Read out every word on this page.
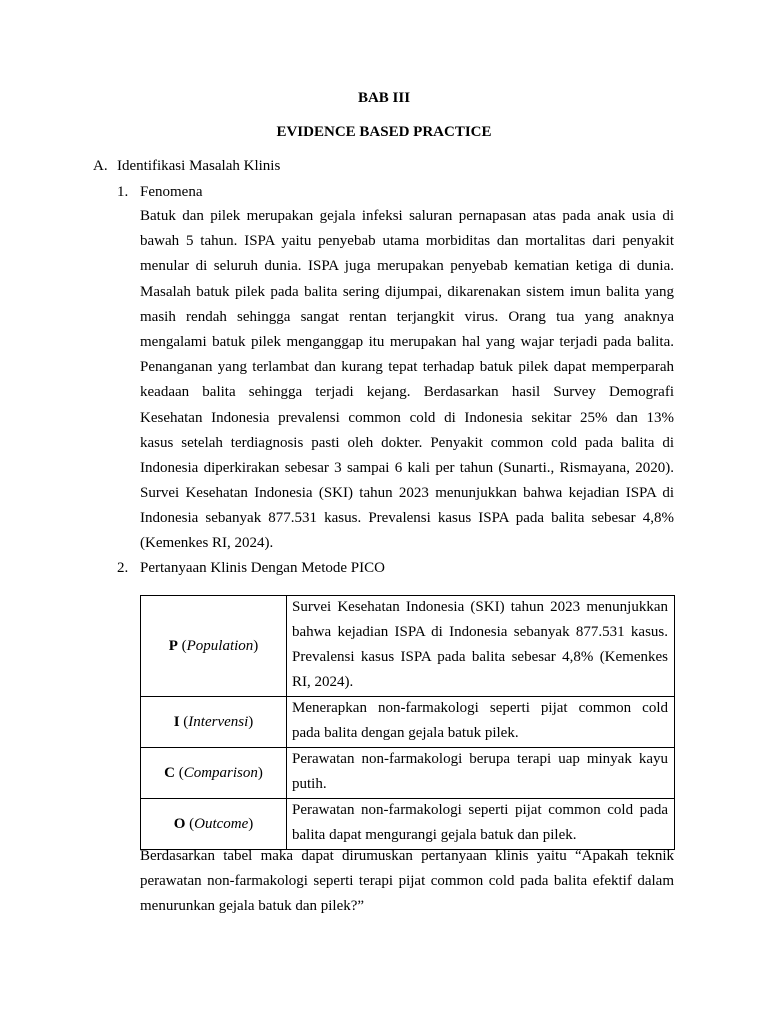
BAB III
EVIDENCE BASED PRACTICE
A. Identifikasi Masalah Klinis
1. Fenomena
Batuk dan pilek merupakan gejala infeksi saluran pernapasan atas pada anak usia di
bawah 5 tahun. ISPA yaitu penyebab utama morbiditas dan mortalitas dari penyakit
menular di seluruh dunia. ISPA juga merupakan penyebab kematian ketiga di dunia.
Masalah batuk pilek pada balita sering dijumpai, dikarenakan sistem imun balita yang
masih rendah sehingga sangat rentan terjangkit virus. Orang tua yang anaknya
mengalami batuk pilek menganggap itu merupakan hal yang wajar terjadi pada balita.
Penanganan yang terlambat dan kurang tepat terhadap batuk pilek dapat memperparah
keadaan balita sehingga terjadi kejang. Berdasarkan hasil Survey Demografi
Kesehatan Indonesia prevalensi common cold di Indonesia sekitar 25% dan 13%
kasus setelah terdiagnosis pasti oleh dokter. Penyakit common cold pada balita di
Indonesia diperkirakan sebesar 3 sampai 6 kali per tahun (Sunarti., Rismayana, 2020).
Survei Kesehatan Indonesia (SKI) tahun 2023 menunjukkan bahwa kejadian ISPA di
Indonesia sebanyak 877.531 kasus. Prevalensi kasus ISPA pada balita sebesar 4,8%
(Kemenkes RI, 2024).
2. Pertanyaan Klinis Dengan Metode PICO
P (Population)	Survei Kesehatan Indonesia (SKI) tahun 2023 menunjukkan
bahwa kejadian ISPA di Indonesia sebanyak 877.531 kasus.
Prevalensi kasus ISPA pada balita sebesar 4,8% (Kemenkes
RI, 2024).

I (Intervensi)	Menerapkan non-farmakologi seperti pijat common cold
pada balita dengan gejala batuk pilek.

C (Comparison)	Perawatan non-farmakologi berupa terapi uap minyak kayu
putih.

O (Outcome)	Perawatan non-farmakologi seperti pijat common cold pada
balita dapat mengurangi gejala batuk dan pilek.
Berdasarkan tabel maka dapat dirumuskan pertanyaan klinis yaitu “Apakah teknik
perawatan non-farmakologi seperti terapi pijat common cold pada balita efektif dalam
menurunkan gejala batuk dan pilek?”
